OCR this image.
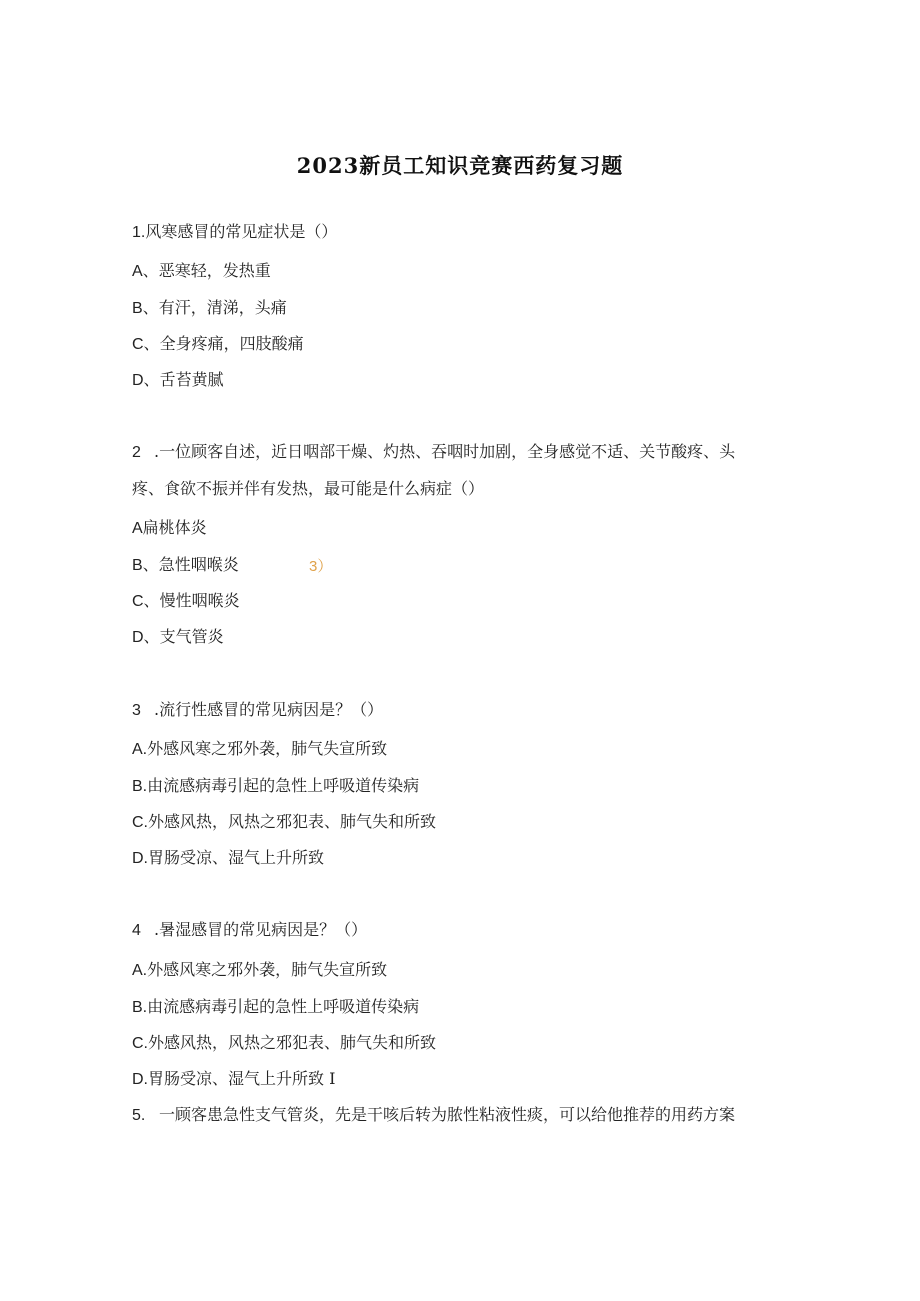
2023新员工知识竞赛西药复习题
1.风寒感冒的常见症状是（）
A、恶寒轻，发热重
B、有汗，清涕，头痛
C、全身疼痛，四肢酸痛
D、舌苔黄腻
2 .一位顾客自述，近日咽部干燥、灼热、吞咽时加剧，全身感觉不适、关节酸疼、头
疼、食欲不振并伴有发热，最可能是什么病症（）
A扁桃体炎
B、急性咽喉炎	3）
C、慢性咽喉炎
D、支气管炎
3 .流行性感冒的常见病因是？（）
A.外感风寒之邪外袭，肺气失宣所致
B.由流感病毒引起的急性上呼吸道传染病
C.外感风热，风热之邪犯表、肺气失和所致
D.胃肠受凉、湿气上升所致
4 .暑湿感冒的常见病因是？（）
A.外感风寒之邪外袭，肺气失宣所致
B.由流感病毒引起的急性上呼吸道传染病
C.外感风热，风热之邪犯表、肺气失和所致
D.胃肠受凉、湿气上升所致 I
5. 一顾客患急性支气管炎，先是干咳后转为脓性粘液性痰，可以给他推荐的用药方案
